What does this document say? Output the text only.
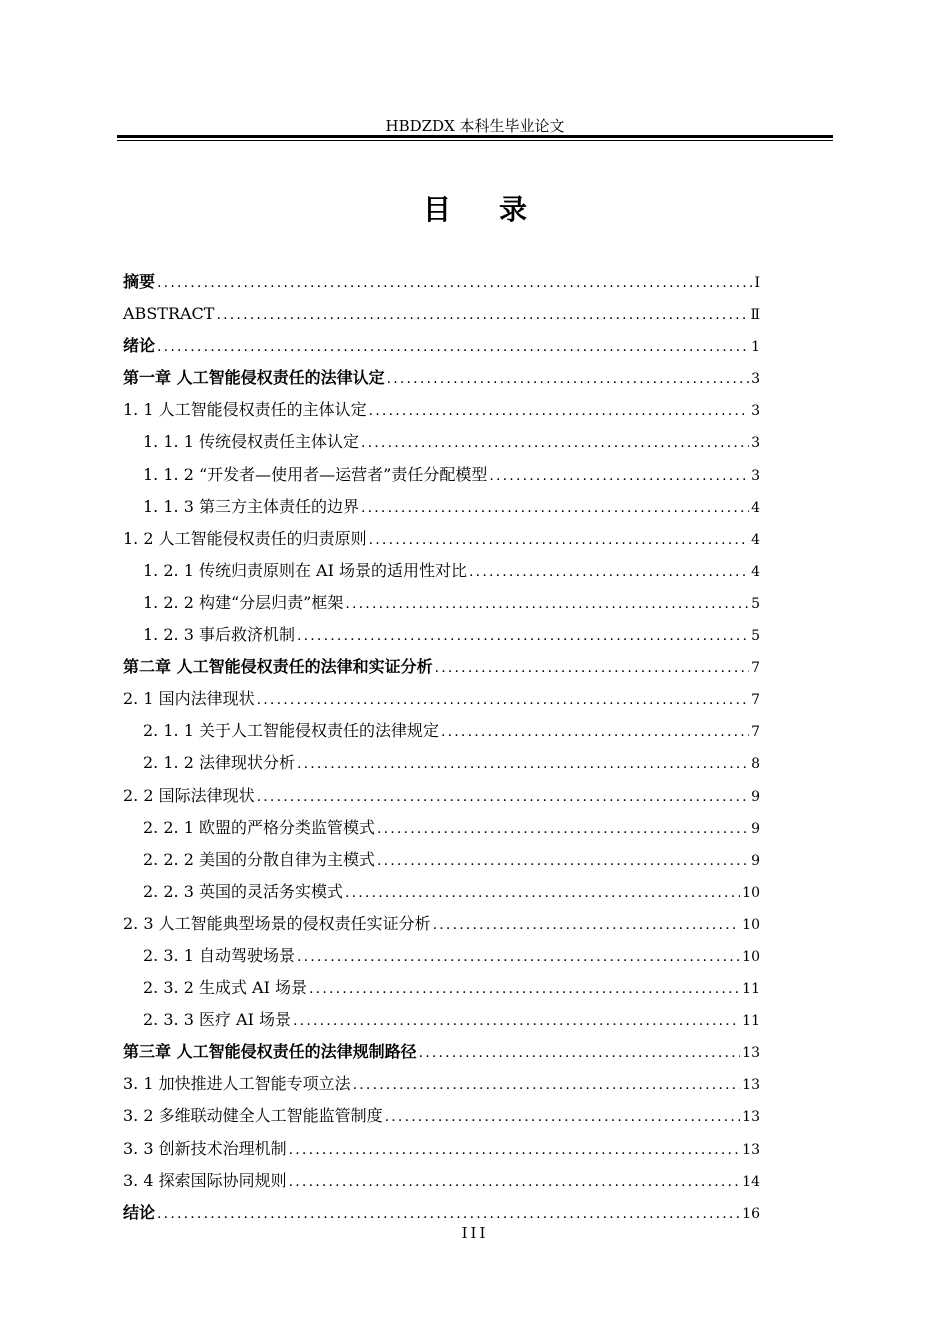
HBDZDX 本科生毕业论文
目录
摘要 .....	I
ABSTRACT .....	Ⅱ
绪论 .....	1
第一章 人工智能侵权责任的法律认定 .....	3
1. 1 人工智能侵权责任的主体认定 .....	3
1. 1. 1 传统侵权责任主体认定 .....	3
1. 1. 2 “开发者—使用者—运营者”责任分配模型 .....	3
1. 1. 3 第三方主体责任的边界 .....	4
1. 2 人工智能侵权责任的归责原则 .....	4
1. 2. 1 传统归责原则在 AI 场景的适用性对比 .....	4
1. 2. 2 构建“分层归责”框架 .....	5
1. 2. 3 事后救济机制 .....	5
第二章 人工智能侵权责任的法律和实证分析 .....	7
2. 1 国内法律现状 .....	7
2. 1. 1 关于人工智能侵权责任的法律规定 .....	7
2. 1. 2 法律现状分析 .....	8
2. 2 国际法律现状 .....	9
2. 2. 1 欧盟的严格分类监管模式 .....	9
2. 2. 2 美国的分散自律为主模式 .....	9
2. 2. 3 英国的灵活务实模式 .....	10
2. 3 人工智能典型场景的侵权责任实证分析 .....	10
2. 3. 1 自动驾驶场景 .....	10
2. 3. 2 生成式 AI 场景 .....	11
2. 3. 3 医疗 AI 场景 .....	11
第三章 人工智能侵权责任的法律规制路径 .....	13
3. 1 加快推进人工智能专项立法 .....	13
3. 2 多维联动健全人工智能监管制度 .....	13
3. 3 创新技术治理机制 .....	13
3. 4 探索国际协同规则 .....	14
结论 .....	16
III
